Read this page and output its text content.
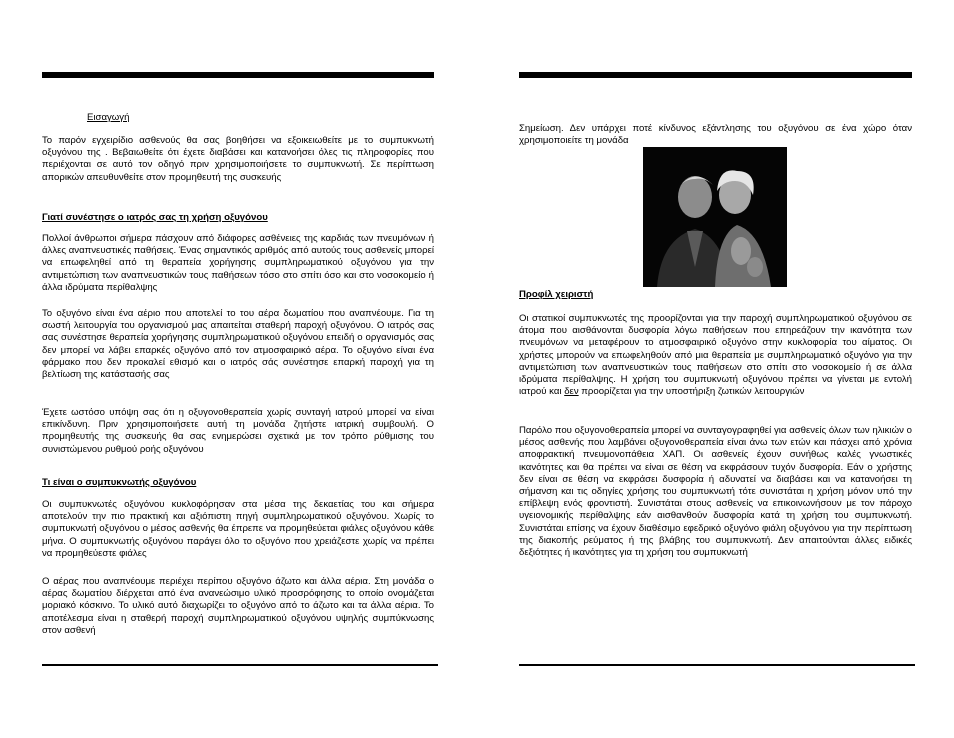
Εισαγωγή

Το παρόν εγχειρίδιο ασθενούς θα σας βοηθήσει να εξοικειωθείτε με το συμπυκνωτή οξυγόνου της . Βεβαιωθείτε ότι έχετε διαβάσει και κατανοήσει όλες τις πληροφορίες που περιέχονται σε αυτό τον οδηγό πριν χρησιμοποιήσετε το συμπυκνωτή. Σε περίπτωση απορικών απευθυνθείτε στον προμηθευτή της συσκευής

Γιατί συνέστησε ο ιατρός σας τη χρήση οξυγόνου

Πολλοί άνθρωποι σήμερα πάσχουν από διάφορες ασθένειες της καρδιάς των πνευμόνων ή άλλες αναπνευστικές παθήσεις. Ένας σημαντικός αριθμός από αυτούς τους ασθενείς μπορεί να επωφεληθεί από τη θεραπεία χορήγησης συμπληρωματικού οξυγόνου για την αντιμετώπιση των αναπνευστικών τους παθήσεων τόσο στο σπίτι όσο και στο νοσοκομείο ή άλλα ιδρύματα περίθαλψης

Το οξυγόνο είναι ένα αέριο που αποτελεί το του αέρα δωματίου που αναπνέουμε. Για τη σωστή λειτουργία του οργανισμού μας απαιτείται σταθερή παροχή οξυγόνου. Ο ιατρός σας σας συνέστησε θεραπεία χορήγησης συμπληρωματικού οξυγόνου επειδή ο οργανισμός σας δεν μπορεί να λάβει επαρκές οξυγόνο από τον ατμοσφαιρικό αέρα. Το οξυγόνο είναι ένα φάρμακο που δεν προκαλεί εθισμό και ο ιατρός σάς συνέστησε επαρκή παροχή για τη βελτίωση της κατάστασής σας

Έχετε ωστόσο υπόψη σας ότι η οξυγονοθεραπεία χωρίς συνταγή ιατρού μπορεί να είναι επικίνδυνη. Πριν χρησιμοποιήσετε αυτή τη μονάδα ζητήστε ιατρική συμβουλή. Ο προμηθευτής της συσκευής θα σας ενημερώσει σχετικά με τον τρόπο ρύθμισης του συνιστώμενου ρυθμού ροής οξυγόνου

Τι είναι ο συμπυκνωτής οξυγόνου

Οι συμπυκνωτές οξυγόνου κυκλοφόρησαν στα μέσα της δεκαετίας του και σήμερα αποτελούν την πιο πρακτική και αξιόπιστη πηγή συμπληρωματικού οξυγόνου. Χωρίς το συμπυκνωτή οξυγόνου ο μέσος ασθενής θα έπρεπε να προμηθεύεται φιάλες οξυγόνου κάθε μήνα. Ο συμπυκνωτής οξυγόνου παράγει όλο το οξυγόνο που χρειάζεστε χωρίς να πρέπει να προμηθεύεστε φιάλες

Ο αέρας που αναπνέουμε περιέχει περίπου οξυγόνο άζωτο και άλλα αέρια. Στη μονάδα ο αέρας δωματίου διέρχεται από ένα ανανεώσιμο υλικό προσρόφησης το οποίο ονομάζεται μοριακό κόσκινο. Το υλικό αυτό διαχωρίζει το οξυγόνο από το άζωτο και τα άλλα αέρια. Το αποτέλεσμα είναι η σταθερή παροχή συμπληρωματικού οξυγόνου υψηλής συμπύκνωσης στον ασθενή

Σημείωση. Δεν υπάρχει ποτέ κίνδυνος εξάντλησης του οξυγόνου σε ένα χώρο όταν χρησιμοποιείτε τη μονάδα

Προφίλ χειριστή

Οι στατικοί συμπυκνωτές της προορίζονται για την παροχή συμπληρωματικού οξυγόνου σε άτομα που αισθάνονται δυσφορία λόγω παθήσεων που επηρεάζουν την ικανότητα των πνευμόνων να μεταφέρουν το ατμοσφαιρικό οξυγόνο στην κυκλοφορία του αίματος. Οι χρήστες μπορούν να επωφεληθούν από μια θεραπεία με συμπληρωματικό οξυγόνο για την αντιμετώπιση των αναπνευστικών τους παθήσεων στο σπίτι στο νοσοκομείο ή σε άλλα ιδρύματα περίθαλψης. Η χρήση του συμπυκνωτή οξυγόνου πρέπει να γίνεται με εντολή ιατρού και δεν προορίζεται για την υποστήριξη ζωτικών λειτουργιών

Παρόλο που οξυγονοθεραπεία μπορεί να συνταγογραφηθεί για ασθενείς όλων των ηλικιών ο μέσος ασθενής που λαμβάνει οξυγονοθεραπεία είναι άνω των ετών και πάσχει από χρόνια αποφρακτική πνευμονοπάθεια ΧΑΠ. Οι ασθενείς έχουν συνήθως καλές γνωστικές ικανότητες και θα πρέπει να είναι σε θέση να εκφράσουν τυχόν δυσφορία. Εάν ο χρήστης δεν είναι σε θέση να εκφράσει δυσφορία ή αδυνατεί να διαβάσει και να κατανοήσει τη σήμανση και τις οδηγίες χρήσης του συμπυκνωτή τότε συνιστάται η χρήση μόνον υπό την επίβλεψη ενός φροντιστή. Συνιστάται στους ασθενείς να επικοινωνήσουν με τον πάροχο υγειονομικής περίθαλψης εάν αισθανθούν δυσφορία κατά τη χρήση του συμπυκνωτή. Συνιστάται επίσης να έχουν διαθέσιμο εφεδρικό οξυγόνο φιάλη οξυγόνου για την περίπτωση της διακοπής ρεύματος ή της βλάβης του συμπυκνωτή. Δεν απαιτούνται άλλες ειδικές δεξιότητες ή ικανότητες για τη χρήση του συμπυκνωτή
